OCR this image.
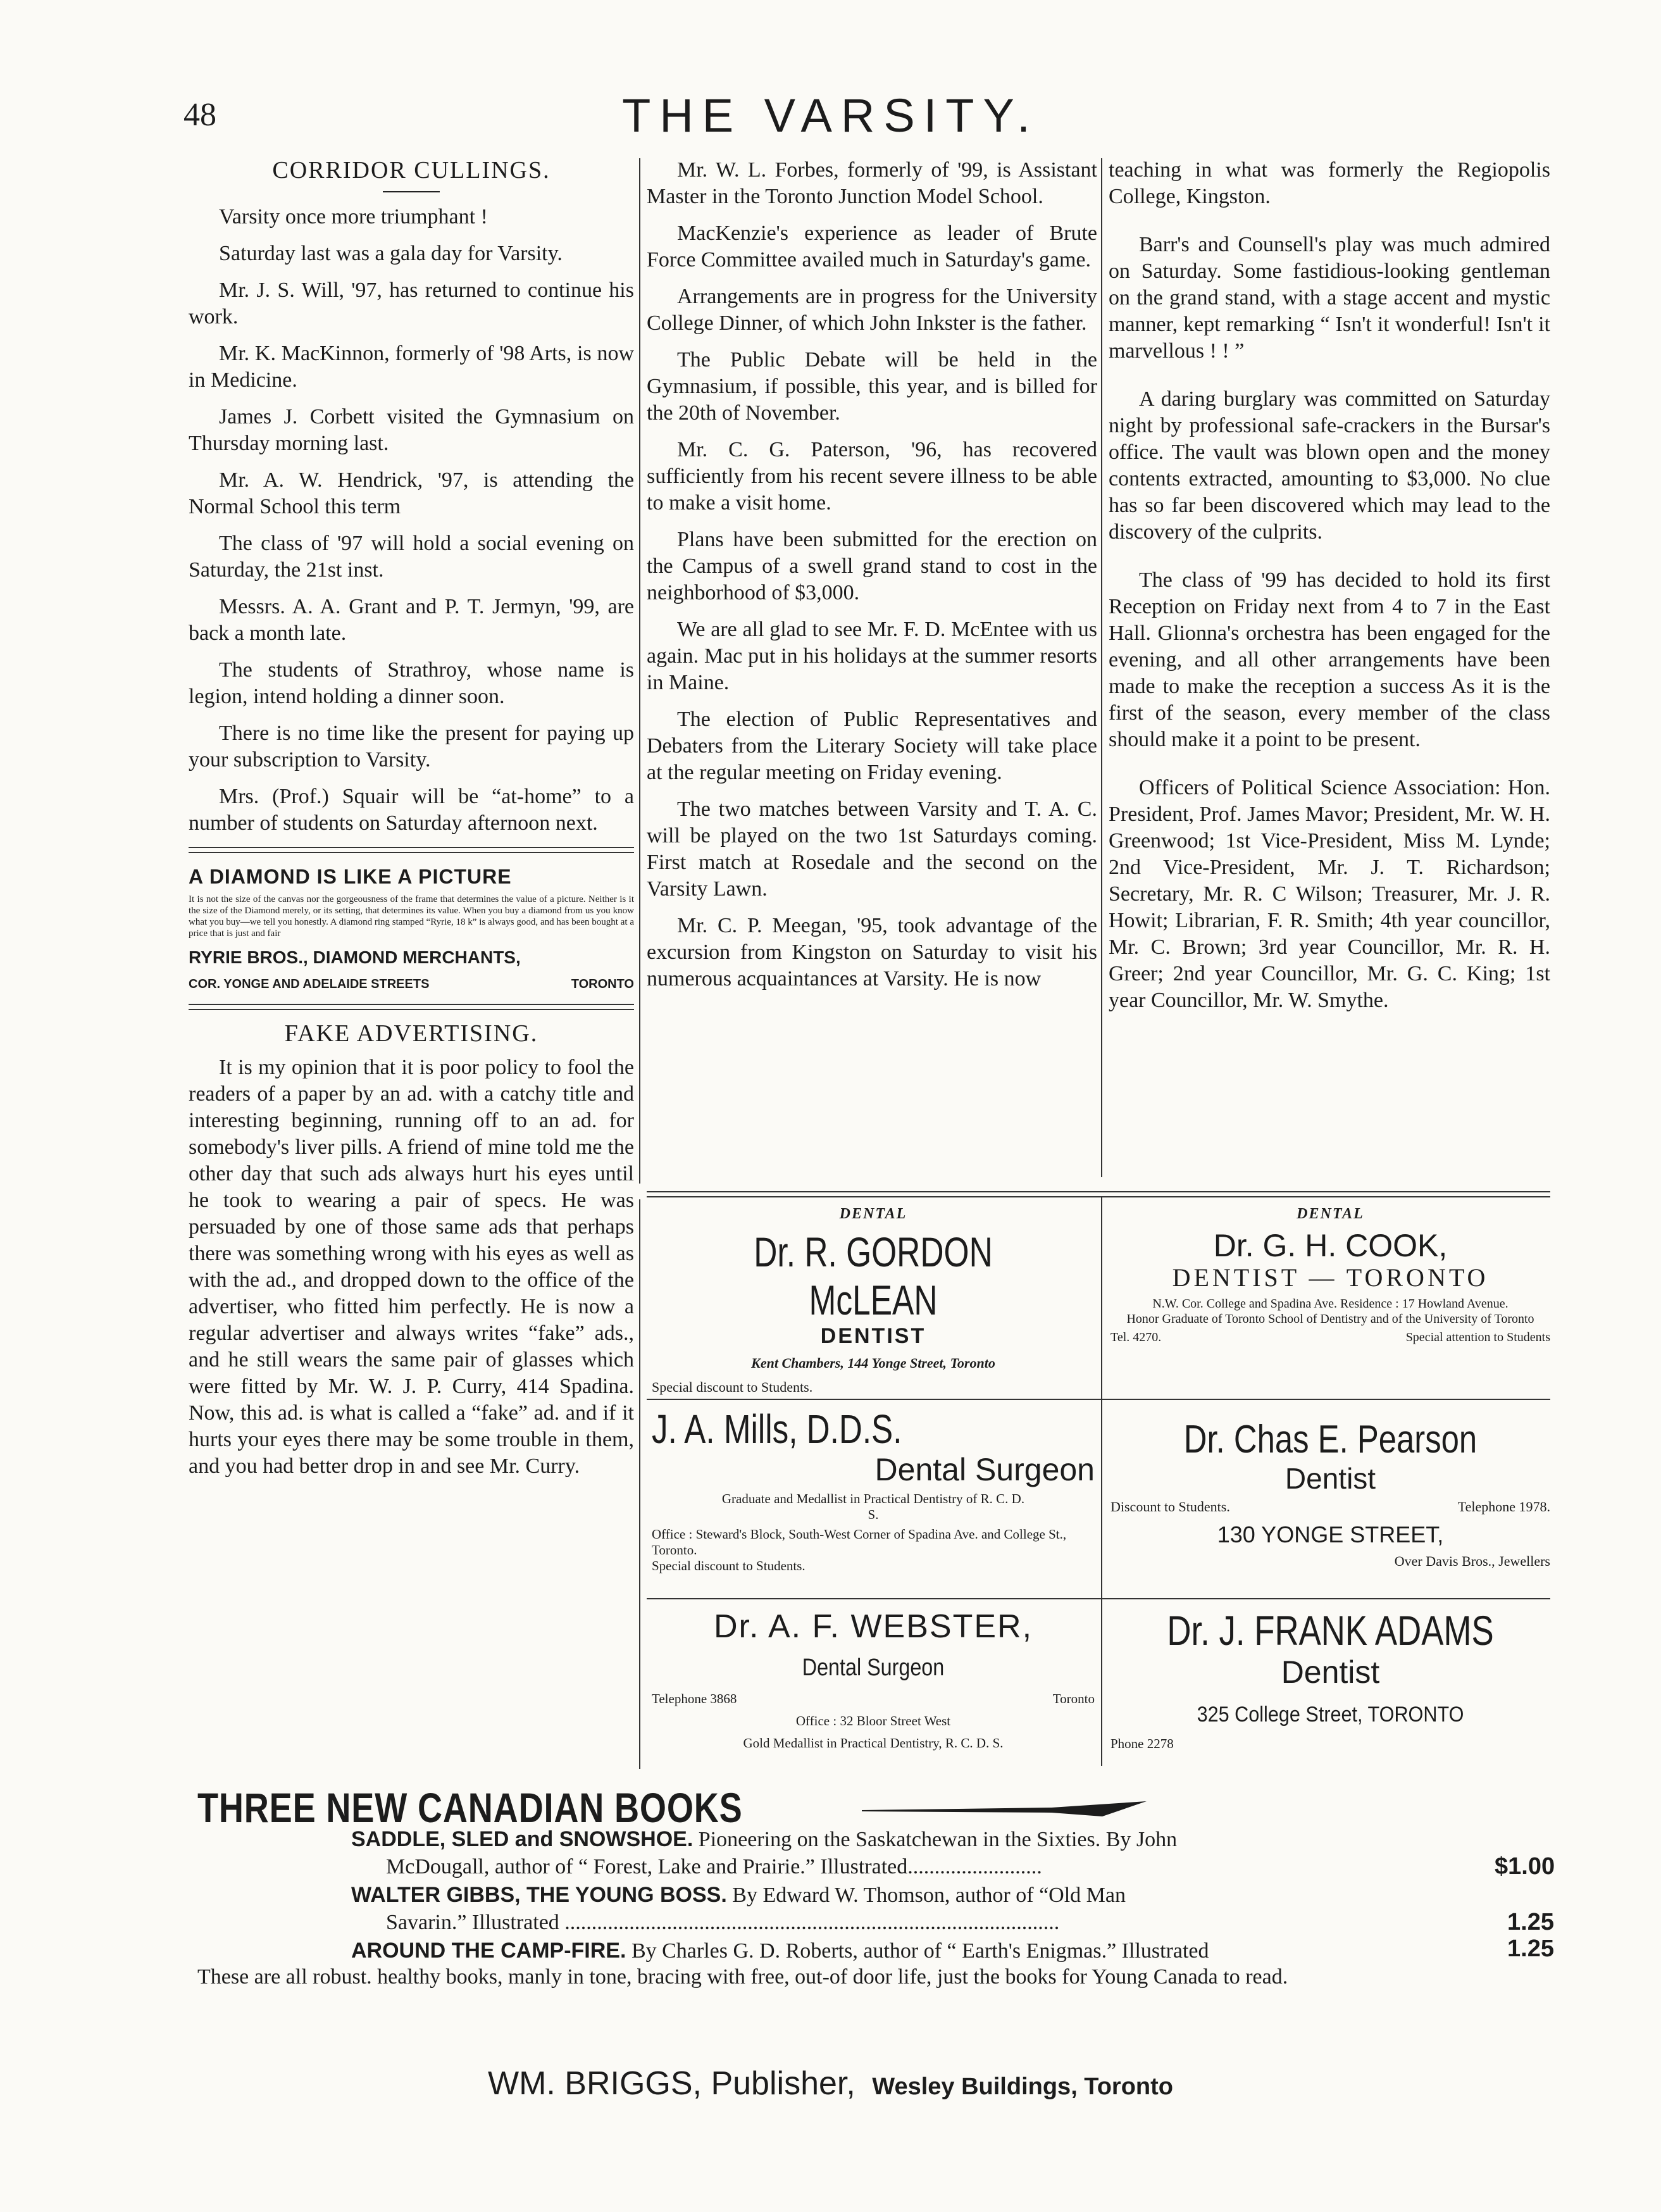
48	THE VARSITY.
CORRIDOR CULLINGS.

Varsity once more triumphant !

Saturday last was a gala day for Varsity.

Mr. J. S. Will, '97, has returned to continue his work.

Mr. K. MacKinnon, formerly of '98 Arts, is now in Medicine.

James J. Corbett visited the Gymnasium on Thursday morning last.

Mr. A. W. Hendrick, '97, is attending the Normal School this term

The class of '97 will hold a social evening on Saturday, the 21st inst.

Messrs. A. A. Grant and P. T. Jermyn, '99, are back a month late.

The students of Strathroy, whose name is legion, intend holding a dinner soon.

There is no time like the present for paying up your subscription to Varsity.

Mrs. (Prof.) Squair will be “at-home” to a number of students on Saturday afternoon next.

A DIAMOND IS LIKE A PICTURE

It is not the size of the canvas nor the gorgeousness of the frame that determines the value of a picture. Neither is it the size of the Diamond merely, or its setting, that determines its value. When you buy a diamond from us you know what you buy—we tell you honestly. A diamond ring stamped “Ryrie, 18 k” is always good, and has been bought at a price that is just and fair

RYRIE BROS., DIAMOND MERCHANTS,

COR. YONGE AND ADELAIDE STREETS	TORONTO

FAKE ADVERTISING.

It is my opinion that it is poor policy to fool the readers of a paper by an ad. with a catchy title and interesting beginning, running off to an ad. for somebody's liver pills. A friend of mine told me the other day that such ads always hurt his eyes until he took to wearing a pair of specs. He was persuaded by one of those same ads that perhaps there was something wrong with his eyes as well as with the ad., and dropped down to the office of the advertiser, who fitted him perfectly. He is now a regular advertiser and always writes “fake” ads., and he still wears the same pair of glasses which were fitted by Mr. W. J. P. Curry, 414 Spadina. Now, this ad. is what is called a “fake” ad. and if it hurts your eyes there may be some trouble in them, and you had better drop in and see Mr. Curry.

Mr. W. L. Forbes, formerly of '99, is Assistant Master in the Toronto Junction Model School.

MacKenzie's experience as leader of Brute Force Committee availed much in Saturday's game.

Arrangements are in progress for the University College Dinner, of which John Inkster is the father.

The Public Debate will be held in the Gymnasium, if possible, this year, and is billed for the 20th of November.

Mr. C. G. Paterson, '96, has recovered sufficiently from his recent severe illness to be able to make a visit home.

Plans have been submitted for the erection on the Campus of a swell grand stand to cost in the neighborhood of $3,000.

We are all glad to see Mr. F. D. McEntee with us again. Mac put in his holidays at the summer resorts in Maine.

The election of Public Representatives and Debaters from the Literary Society will take place at the regular meeting on Friday evening.

The two matches between Varsity and T. A. C. will be played on the two 1st Saturdays coming. First match at Rosedale and the second on the Varsity Lawn.

Mr. C. P. Meegan, '95, took advantage of the excursion from Kingston on Saturday to visit his numerous acquaintances at Varsity. He is now

teaching in what was formerly the Regiopolis College, Kingston.

Barr's and Counsell's play was much admired on Saturday. Some fastidious-looking gentleman on the grand stand, with a stage accent and mystic manner, kept remarking “ Isn't it wonderful! Isn't it marvellous ! ! ”

A daring burglary was committed on Saturday night by professional safe-crackers in the Bursar's office. The vault was blown open and the money contents extracted, amounting to $3,000. No clue has so far been discovered which may lead to the discovery of the culprits.

The class of '99 has decided to hold its first Reception on Friday next from 4 to 7 in the East Hall. Glionna's orchestra has been engaged for the evening, and all other arrangements have been made to make the reception a success As it is the first of the season, every member of the class should make it a point to be present.

Officers of Political Science Association: Hon. President, Prof. James Mavor; President, Mr. W. H. Greenwood; 1st Vice-President, Miss M. Lynde; 2nd Vice-President, Mr. J. T. Richardson; Secretary, Mr. R. C Wilson; Treasurer, Mr. J. R. Howit; Librarian, F. R. Smith; 4th year councillor, Mr. C. Brown; 3rd year Councillor, Mr. R. H. Greer; 2nd year Councillor, Mr. G. C. King; 1st year Councillor, Mr. W. Smythe.

DENTAL
Dr. R. GORDON McLEAN
DENTIST
Kent Chambers, 144 Yonge Street, Toronto
Special discount to Students.
DENTAL
Dr. G. H. COOK,
DENTIST — TORONTO
N.W. Cor. College and Spadina Ave. Residence : 17 Howland Avenue.
Honor Graduate of Toronto School of Dentistry and of the University of Toronto
Tel. 4270.	Special attention to Students
J. A. Mills, D.D.S.
Dental Surgeon
Graduate and Medallist in Practical Dentistry of R. C. D. S.
Office : Steward's Block, South-West Corner of Spadina Ave. and College St., Toronto.
Special discount to Students.
Dr. Chas E. Pearson
Dentist
Discount to Students.	Telephone 1978.
130 YONGE STREET,
Over Davis Bros., Jewellers
Dr. A. F. WEBSTER,
Dental Surgeon
Telephone 3868	Toronto
Office : 32 Bloor Street West
Gold Medallist in Practical Dentistry, R. C. D. S.
Dr. J. FRANK ADAMS
Dentist
325 College Street, TORONTO
Phone 2278
THREE NEW CANADIAN BOOKS
SADDLE, SLED and SNOWSHOE. Pioneering on the Saskatchewan in the Sixties. By John
McDougall, author of “ Forest, Lake and Prairie.” Illustrated.........................	$1.00
WALTER GIBBS, THE YOUNG BOSS. By Edward W. Thomson, author of “Old Man
Savarin.” Illustrated ............................................................................................	1.25
AROUND THE CAMP-FIRE. By Charles G. D. Roberts, author of “ Earth's Enigmas.” Illustrated	1.25
These are all robust. healthy books, manly in tone, bracing with free, out-of door life, just the books for Young Canada to read.
WM. BRIGGS, Publisher, Wesley Buildings, Toronto
